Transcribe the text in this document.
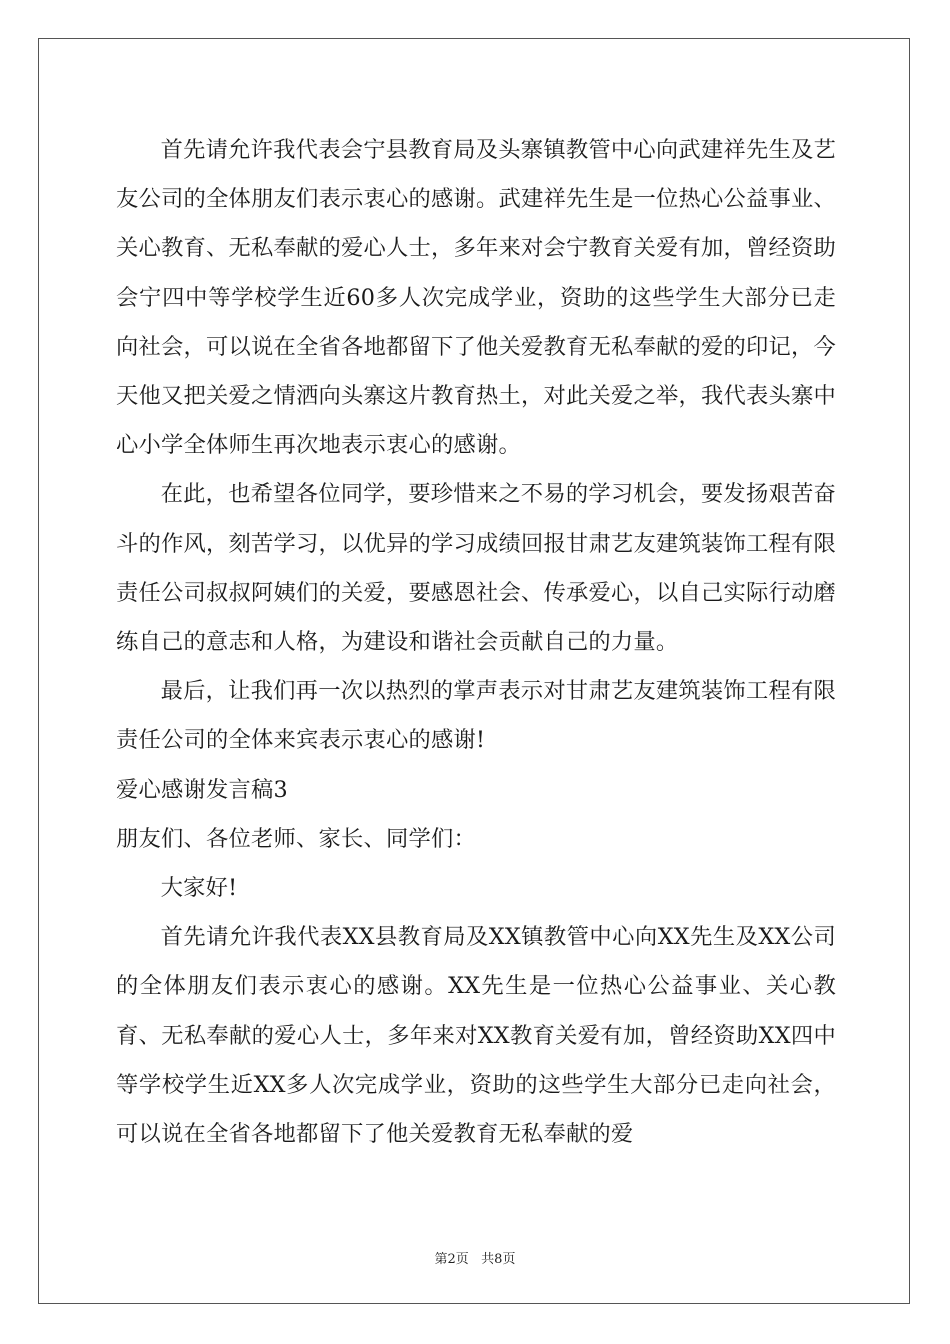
首先请允许我代表会宁县教育局及头寨镇教管中心向武建祥先生及艺友公司的全体朋友们表示衷心的感谢。武建祥先生是一位热心公益事业、关心教育、无私奉献的爱心人士，多年来对会宁教育关爱有加，曾经资助会宁四中等学校学生近60多人次完成学业，资助的这些学生大部分已走向社会，可以说在全省各地都留下了他关爱教育无私奉献的爱的印记，今天他又把关爱之情洒向头寨这片教育热土，对此关爱之举，我代表头寨中心小学全体师生再次地表示衷心的感谢。

在此，也希望各位同学，要珍惜来之不易的学习机会，要发扬艰苦奋斗的作风，刻苦学习，以优异的学习成绩回报甘肃艺友建筑装饰工程有限责任公司叔叔阿姨们的关爱，要感恩社会、传承爱心，以自己实际行动磨练自己的意志和人格，为建设和谐社会贡献自己的力量。

最后，让我们再一次以热烈的掌声表示对甘肃艺友建筑装饰工程有限责任公司的全体来宾表示衷心的感谢!

爱心感谢发言稿3

朋友们、各位老师、家长、同学们：

大家好!

首先请允许我代表XX县教育局及XX镇教管中心向XX先生及XX公司的全体朋友们表示衷心的感谢。XX先生是一位热心公益事业、关心教育、无私奉献的爱心人士，多年来对XX教育关爱有加，曾经资助XX四中等学校学生近XX多人次完成学业，资助的这些学生大部分已走向社会，可以说在全省各地都留下了他关爱教育无私奉献的爱

第2页   共8页
